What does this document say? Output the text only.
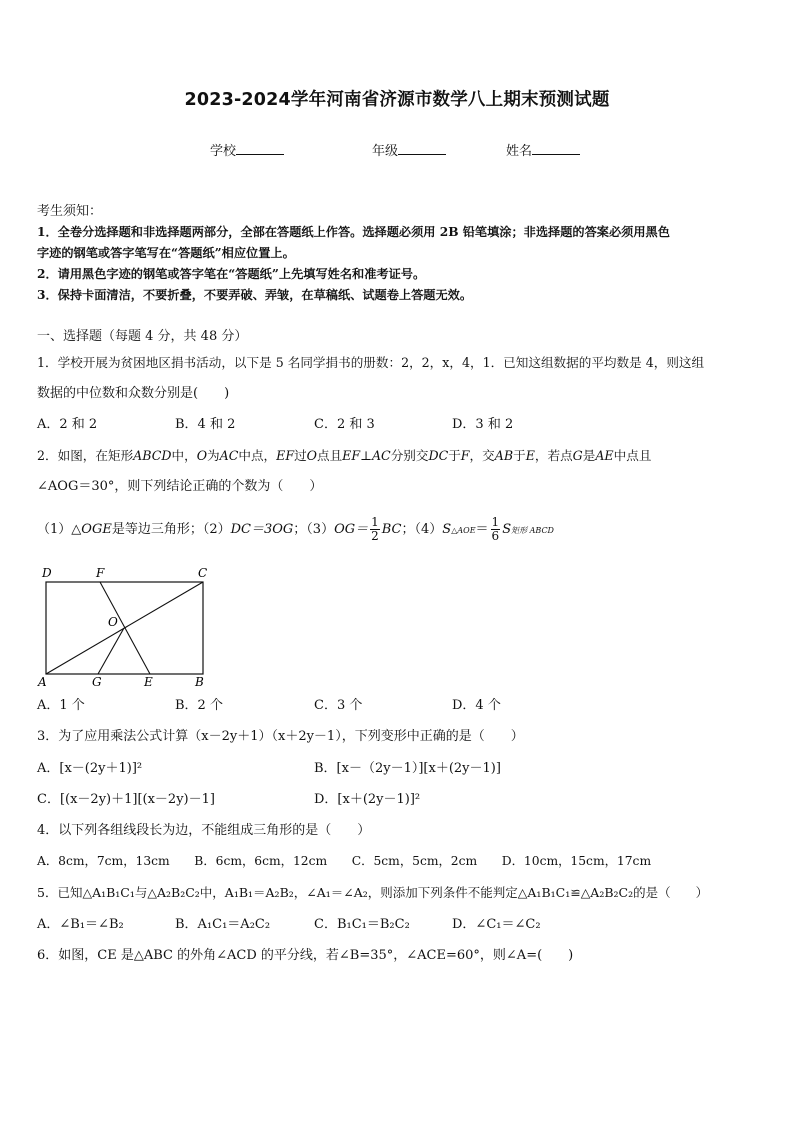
2023-2024学年河南省济源市数学八上期末预测试题
学校	年级	姓名
考生须知：
1．全卷分选择题和非选择题两部分，全部在答题纸上作答。选择题必须用 2B 铅笔填涂；非选择题的答案必须用黑色
字迹的钢笔或答字笔写在“答题纸”相应位置上。
2．请用黑色字迹的钢笔或答字笔在“答题纸”上先填写姓名和准考证号。
3．保持卡面清洁，不要折叠，不要弄破、弄皱，在草稿纸、试题卷上答题无效。
一、选择题（每题 4 分，共 48 分）
1．学校开展为贫困地区捐书活动，以下是 5 名同学捐书的册数：2，2，x，4，1．已知这组数据的平均数是 4，则这组
数据的中位数和众数分别是(　　)
A．2 和 2	B．4 和 2	C．2 和 3	D．3 和 2
2．如图，在矩形ABCD中，O为AC中点，EF过O点且EF⊥AC分别交DC于F，交AB于E，若点G是AE中点且
∠AOG＝30°，则下列结论正确的个数为（　　）
（1）△OGE是等边三角形；（2）DC＝3OG；$(3)OG= \frac{1}{2}$ BC；（4）S△AOE＝ $\frac{1}{6}$ S矩形 ABCD
D	F	C
O
A	G	E	B
A．1 个	B．2 个	C．3 个	D．4 个
3．为了应用乘法公式计算（x－2y＋1）（x＋2y－1），下列变形中正确的是（　　）
A．[x－(2y＋1)]²	B．[x－（2y－1）][x＋(2y－1)]
C．[(x－2y)＋1][(x－2y)－1]	D．[x＋(2y－1)]²
4．以下列各组线段长为边，不能组成三角形的是（　　）
A．8cm，7cm，13cm　　B．6cm，6cm，12cm　　C．5cm，5cm，2cm　　D．10cm，15cm，17cm
5．已知△A₁B₁C₁与△A₂B₂C₂中，A₁B₁＝A₂B₂，∠A₁＝∠A₂，则添加下列条件不能判定△A₁B₁C₁≌△A₂B₂C₂的是（　　）
A．∠B₁＝∠B₂	B．A₁C₁＝A₂C₂	C．B₁C₁＝B₂C₂	D．∠C₁＝∠C₂
6．如图，CE 是△ABC 的外角∠ACD 的平分线，若∠B=35°，∠ACE=60°，则∠A=(　　)
